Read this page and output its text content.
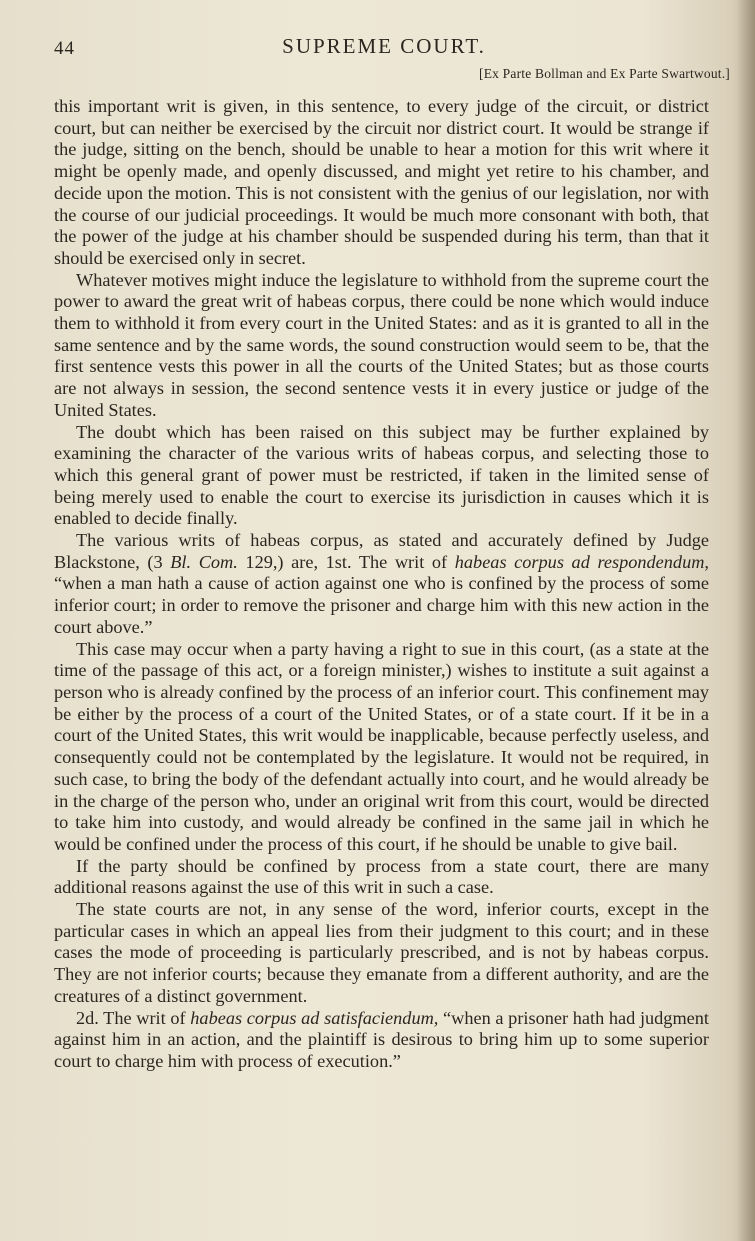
44	SUPREME COURT.
[Ex Parte Bollman and Ex Parte Swartwout.]

this important writ is given, in this sentence, to every judge of the circuit, or district court, but can neither be exercised by the circuit nor district court. It would be strange if the judge, sitting on the bench, should be unable to hear a motion for this writ where it might be openly made, and openly discussed, and might yet retire to his chamber, and decide upon the motion. This is not consistent with the genius of our legislation, nor with the course of our judicial proceedings. It would be much more consonant with both, that the power of the judge at his chamber should be suspended during his term, than that it should be exercised only in secret.

Whatever motives might induce the legislature to withhold from the supreme court the power to award the great writ of habeas corpus, there could be none which would induce them to withhold it from every court in the United States: and as it is granted to all in the same sentence and by the same words, the sound construction would seem to be, that the first sentence vests this power in all the courts of the United States; but as those courts are not always in session, the second sentence vests it in every justice or judge of the United States.

The doubt which has been raised on this subject may be further explained by examining the character of the various writs of habeas corpus, and selecting those to which this general grant of power must be restricted, if taken in the limited sense of being merely used to enable the court to exercise its jurisdiction in causes which it is enabled to decide finally.

The various writs of habeas corpus, as stated and accurately defined by Judge Blackstone, (3 Bl. Com. 129,) are, 1st. The writ of habeas corpus ad respondendum, “when a man hath a cause of action against one who is confined by the process of some inferior court; in order to remove the prisoner and charge him with this new action in the court above.”

This case may occur when a party having a right to sue in this court, (as a state at the time of the passage of this act, or a foreign minister,) wishes to institute a suit against a person who is already confined by the process of an inferior court. This confinement may be either by the process of a court of the United States, or of a state court. If it be in a court of the United States, this writ would be inapplicable, because perfectly useless, and consequently could not be contemplated by the legislature. It would not be required, in such case, to bring the body of the defendant actually into court, and he would already be in the charge of the person who, under an original writ from this court, would be directed to take him into custody, and would already be confined in the same jail in which he would be confined under the process of this court, if he should be unable to give bail.

If the party should be confined by process from a state court, there are many additional reasons against the use of this writ in such a case.

The state courts are not, in any sense of the word, inferior courts, except in the particular cases in which an appeal lies from their judgment to this court; and in these cases the mode of proceeding is particularly prescribed, and is not by habeas corpus. They are not inferior courts; because they emanate from a different authority, and are the creatures of a distinct government.

2d. The writ of habeas corpus ad satisfaciendum, “when a prisoner hath had judgment against him in an action, and the plaintiff is desirous to bring him up to some superior court to charge him with process of execution.”
